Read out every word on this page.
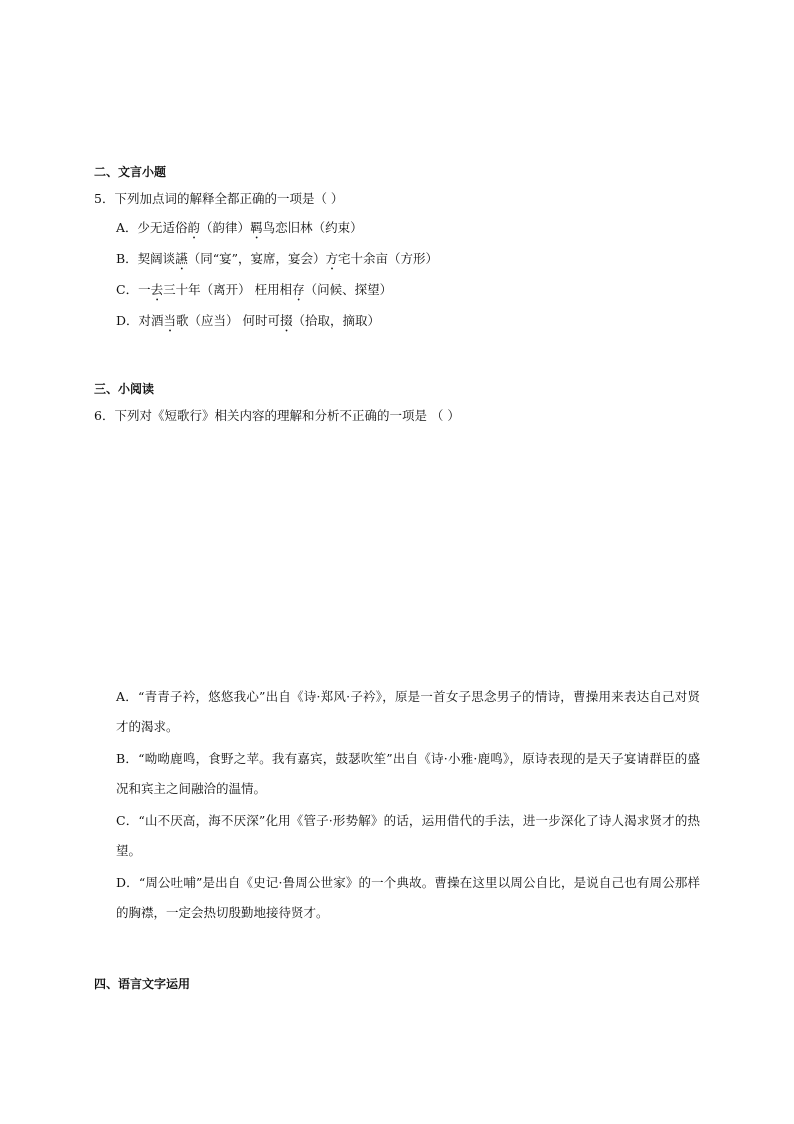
二、文言小题
5．下列加点词的解释全都正确的一项是（ ）
A．少无适俗韵（韵律）羁鸟恋旧林（约束）
B．契阔谈讌（同“宴”，宴席，宴会）方宅十余亩（方形）
C．一去三十年（离开） 枉用相存（问候、探望）
D．对酒当歌（应当） 何时可掇（拾取，摘取）
三、小阅读
6．下列对《短歌行》相关内容的理解和分析不正确的一项是 （ ）
A．“青青子衿，悠悠我心”出自《诗·郑风·子衿》，原是一首女子思念男子的情诗，曹操用来表达自己对贤才的渴求。
B．“呦呦鹿鸣，食野之苹。我有嘉宾，鼓瑟吹笙”出自《诗·小雅·鹿鸣》，原诗表现的是天子宴请群臣的盛况和宾主之间融洽的温情。
C．“山不厌高，海不厌深”化用《管子·形势解》的话，运用借代的手法，进一步深化了诗人渴求贤才的热望。
D．“周公吐哺”是出自《史记·鲁周公世家》的一个典故。曹操在这里以周公自比，是说自己也有周公那样的胸襟，一定会热切殷勤地接待贤才。
四、语言文字运用
